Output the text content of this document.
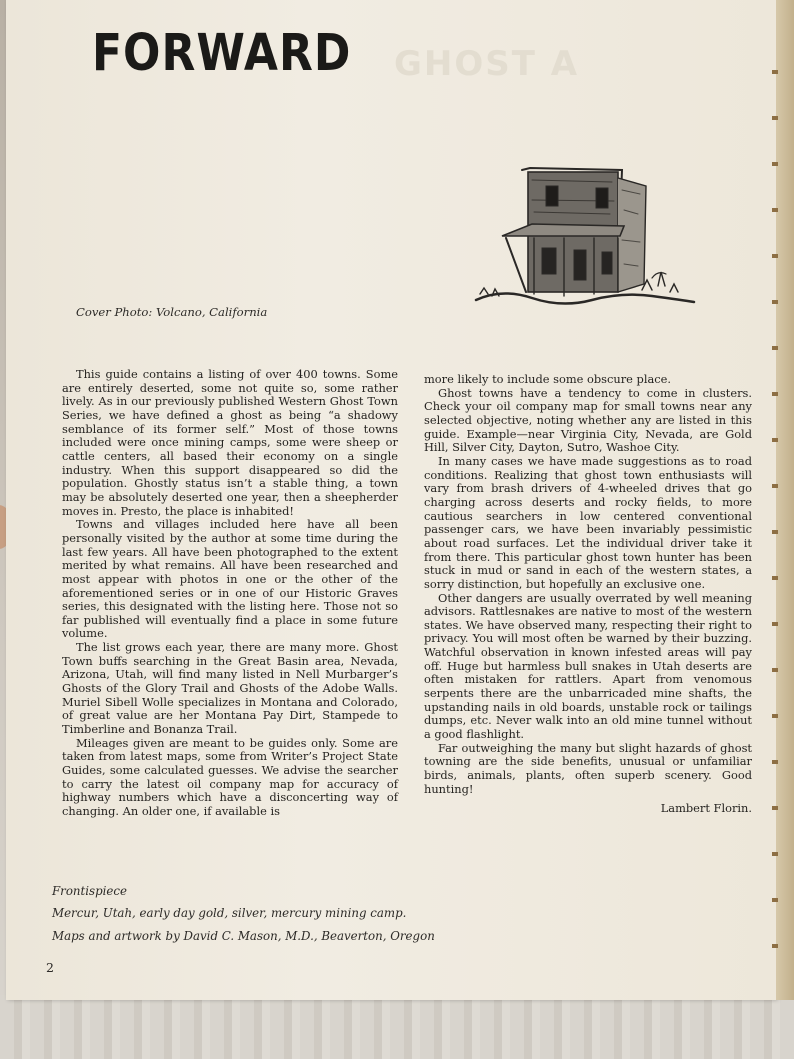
GHOST A
FORWARD

Cover Photo: Volcano, California

This guide contains a listing of over 400 towns. Some are entirely deserted, some not quite so, some rather lively. As in our previously published Western Ghost Town Series, we have defined a ghost as being “a shadowy semblance of its former self.” Most of those towns included were once mining camps, some were sheep or cattle centers, all based their economy on a single industry. When this support disappeared so did the population. Ghostly status isn’t a stable thing, a town may be absolutely deserted one year, then a sheepherder moves in. Presto, the place is inhabited!

Towns and villages included here have all been personally visited by the author at some time during the last few years. All have been photographed to the extent merited by what remains. All have been researched and most appear with photos in one or the other of the aforementioned series or in one of our Historic Graves series, this designated with the listing here. Those not so far published will eventually find a place in some future volume.

The list grows each year, there are many more. Ghost Town buffs searching in the Great Basin area, Nevada, Arizona, Utah, will find many listed in Nell Murbarger’s Ghosts of the Glory Trail and Ghosts of the Adobe Walls. Muriel Sibell Wolle specializes in Montana and Colorado, of great value are her Montana Pay Dirt, Stampede to Timberline and Bonanza Trail.

Mileages given are meant to be guides only. Some are taken from latest maps, some from Writer’s Project State Guides, some calculated guesses. We advise the searcher to carry the latest oil company map for accuracy of highway numbers which have a disconcerting way of changing. An older one, if available is

more likely to include some obscure place.

Ghost towns have a tendency to come in clusters. Check your oil company map for small towns near any selected objective, noting whether any are listed in this guide. Example—near Virginia City, Nevada, are Gold Hill, Silver City, Dayton, Sutro, Washoe City.

In many cases we have made suggestions as to road conditions. Realizing that ghost town enthusiasts will vary from brash drivers of 4-wheeled drives that go charging across deserts and rocky fields, to more cautious searchers in low centered conventional passenger cars, we have been invariably pessimistic about road surfaces. Let the individual driver take it from there. This particular ghost town hunter has been stuck in mud or sand in each of the western states, a sorry distinction, but hopefully an exclusive one.

Other dangers are usually overrated by well meaning advisors. Rattlesnakes are native to most of the western states. We have observed many, respecting their right to privacy. You will most often be warned by their buzzing. Watchful observation in known infested areas will pay off. Huge but harmless bull snakes in Utah deserts are often mistaken for rattlers. Apart from venomous serpents there are the unbarricaded mine shafts, the upstanding nails in old boards, unstable rock or tailings dumps, etc. Never walk into an old mine tunnel without a good flashlight.

Far outweighing the many but slight hazards of ghost towning are the side benefits, unusual or unfamiliar birds, animals, plants, often superb scenery. Good hunting!

Lambert Florin.

Frontispiece

Mercur, Utah, early day gold, silver, mercury mining camp.

Maps and artwork by David C. Mason, M.D., Beaverton, Oregon

2
